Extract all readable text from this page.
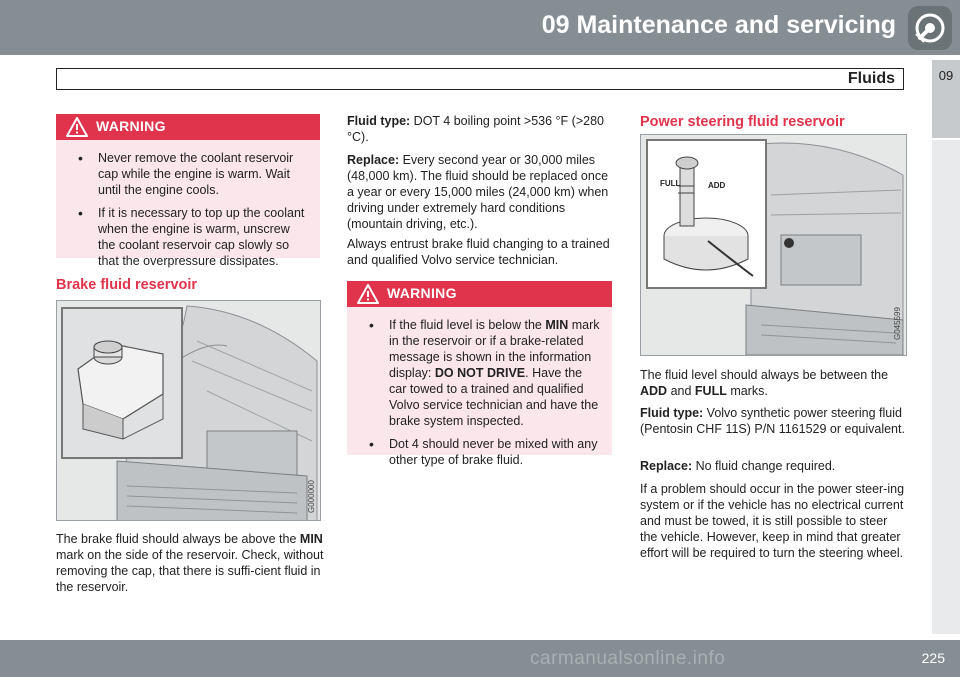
09 Maintenance and servicing
Fluids	09
WARNING
• Never remove the coolant reservoir cap while the engine is warm. Wait until the engine cools.
• If it is necessary to top up the coolant when the engine is warm, unscrew the coolant reservoir cap slowly so that the overpressure dissipates.
Brake fluid reservoir
G000000
The brake fluid should always be above the MIN mark on the side of the reservoir. Check, without removing the cap, that there is suffi-cient fluid in the reservoir.
Fluid type: DOT 4 boiling point >536 °F (>280 °C).
Replace: Every second year or 30,000 miles (48,000 km). The fluid should be replaced once a year or every 15,000 miles (24,000 km) when driving under extremely hard conditions (mountain driving, etc.).
Always entrust brake fluid changing to a trained and qualified Volvo service technician.
WARNING
• If the fluid level is below the MIN mark in the reservoir or if a brake-related message is shown in the information display: DO NOT DRIVE. Have the car towed to a trained and qualified Volvo service technician and have the brake system inspected.
• Dot 4 should never be mixed with any other type of brake fluid.
Power steering fluid reservoir
FULL	ADD
G045599
The fluid level should always be between the ADD and FULL marks.
Fluid type: Volvo synthetic power steering fluid (Pentosin CHF 11S) P/N 1161529 or equivalent.
Replace: No fluid change required.
If a problem should occur in the power steer-ing system or if the vehicle has no electrical current and must be towed, it is still possible to steer the vehicle. However, keep in mind that greater effort will be required to turn the steering wheel.
225
carmanualsonline.info
